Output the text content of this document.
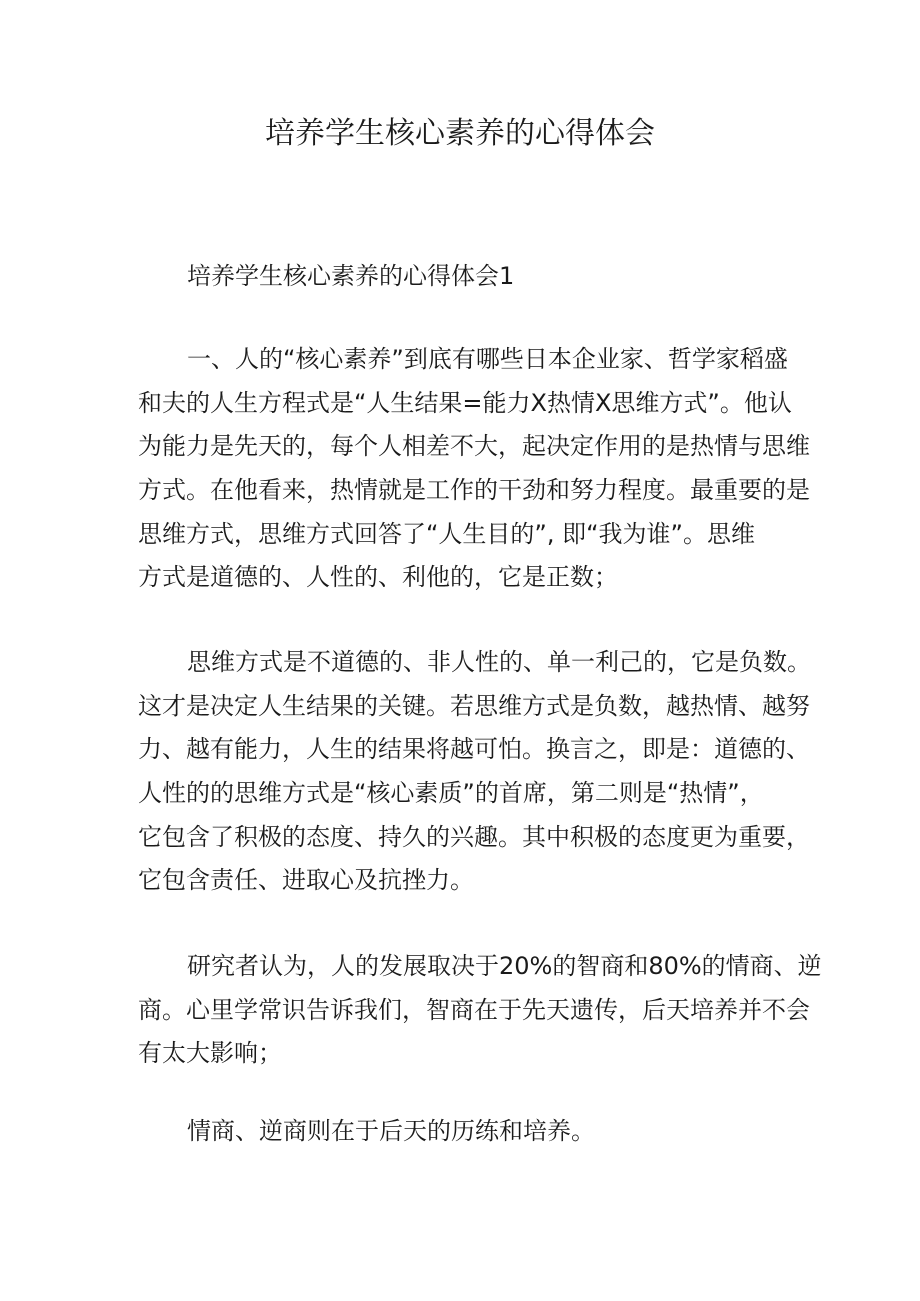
培养学生核心素养的心得体会
培养学生核心素养的心得体会1
一、人的“核心素养”到底有哪些日本企业家、哲学家稻盛
和夫的人生方程式是“人生结果=能力X热情X思维方式”。他认
为能力是先天的，每个人相差不大，起决定作用的是热情与思维
方式。在他看来，热情就是工作的干劲和努力程度。最重要的是
思维方式，思维方式回答了“人生目的”, 即“我为谁”。思维
方式是道德的、人性的、利他的，它是正数；
思维方式是不道德的、非人性的、单一利己的，它是负数。
这才是决定人生结果的关键。若思维方式是负数，越热情、越努
力、越有能力，人生的结果将越可怕。换言之，即是：道德的、
人性的的思维方式是“核心素质”的首席，第二则是“热情”，
它包含了积极的态度、持久的兴趣。其中积极的态度更为重要，
它包含责任、进取心及抗挫力。
研究者认为，人的发展取决于20%的智商和80%的情商、逆
商。心里学常识告诉我们，智商在于先天遗传，后天培养并不会
有太大影响；
情商、逆商则在于后天的历练和培养。
